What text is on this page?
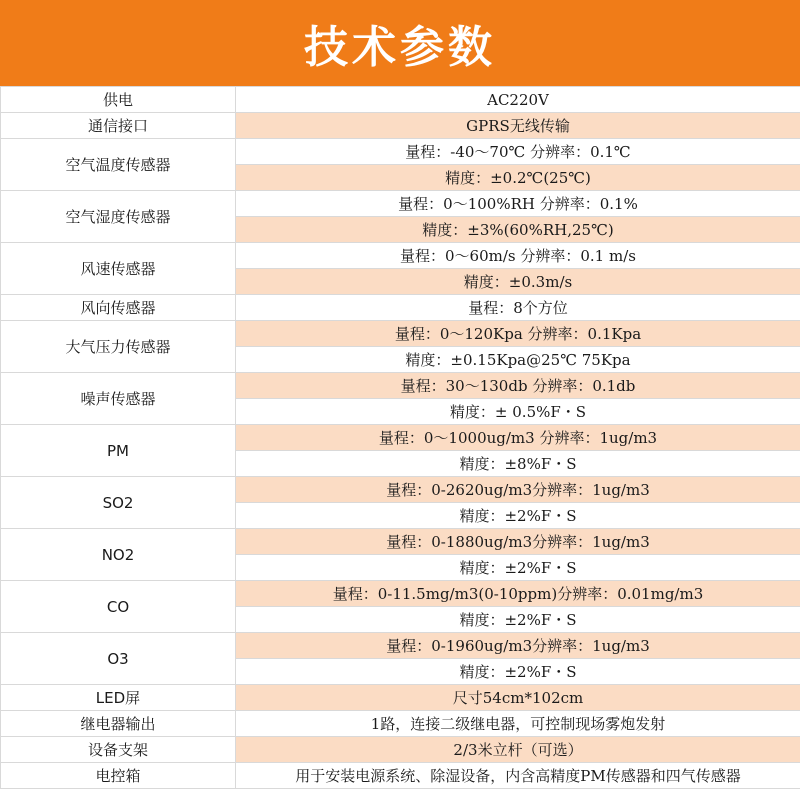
技术参数
供电	AC220V
通信接口	GPRS无线传输
空气温度传感器	量程：-40～70℃ 分辨率：0.1℃
	精度：±0.2℃(25℃)
空气湿度传感器	量程：0～100%RH 分辨率：0.1%
	精度：±3%(60%RH,25℃)
风速传感器	量程：0～60m/s 分辨率：0.1 m/s
	精度：±0.3m/s
风向传感器	量程：8个方位
大气压力传感器	量程：0～120Kpa 分辨率：0.1Kpa
	精度：±0.15Kpa@25℃ 75Kpa
噪声传感器	量程：30～130db 分辨率：0.1db
	精度：± 0.5%F・S
PM	量程：0～1000ug/m3 分辨率：1ug/m3
	精度：±8%F・S
SO2	量程：0-2620ug/m3分辨率：1ug/m3
	精度：±2%F・S
NO2	量程：0-1880ug/m3分辨率：1ug/m3
	精度：±2%F・S
CO	量程：0-11.5mg/m3(0-10ppm)分辨率：0.01mg/m3
	精度：±2%F・S
O3	量程：0-1960ug/m3分辨率：1ug/m3
	精度：±2%F・S
LED屏	尺寸54cm*102cm
继电器输出	1路，连接二级继电器，可控制现场雾炮发射
设备支架	2/3米立杆（可选）
电控箱	用于安装电源系统、除湿设备，内含高精度PM传感器和四气传感器
